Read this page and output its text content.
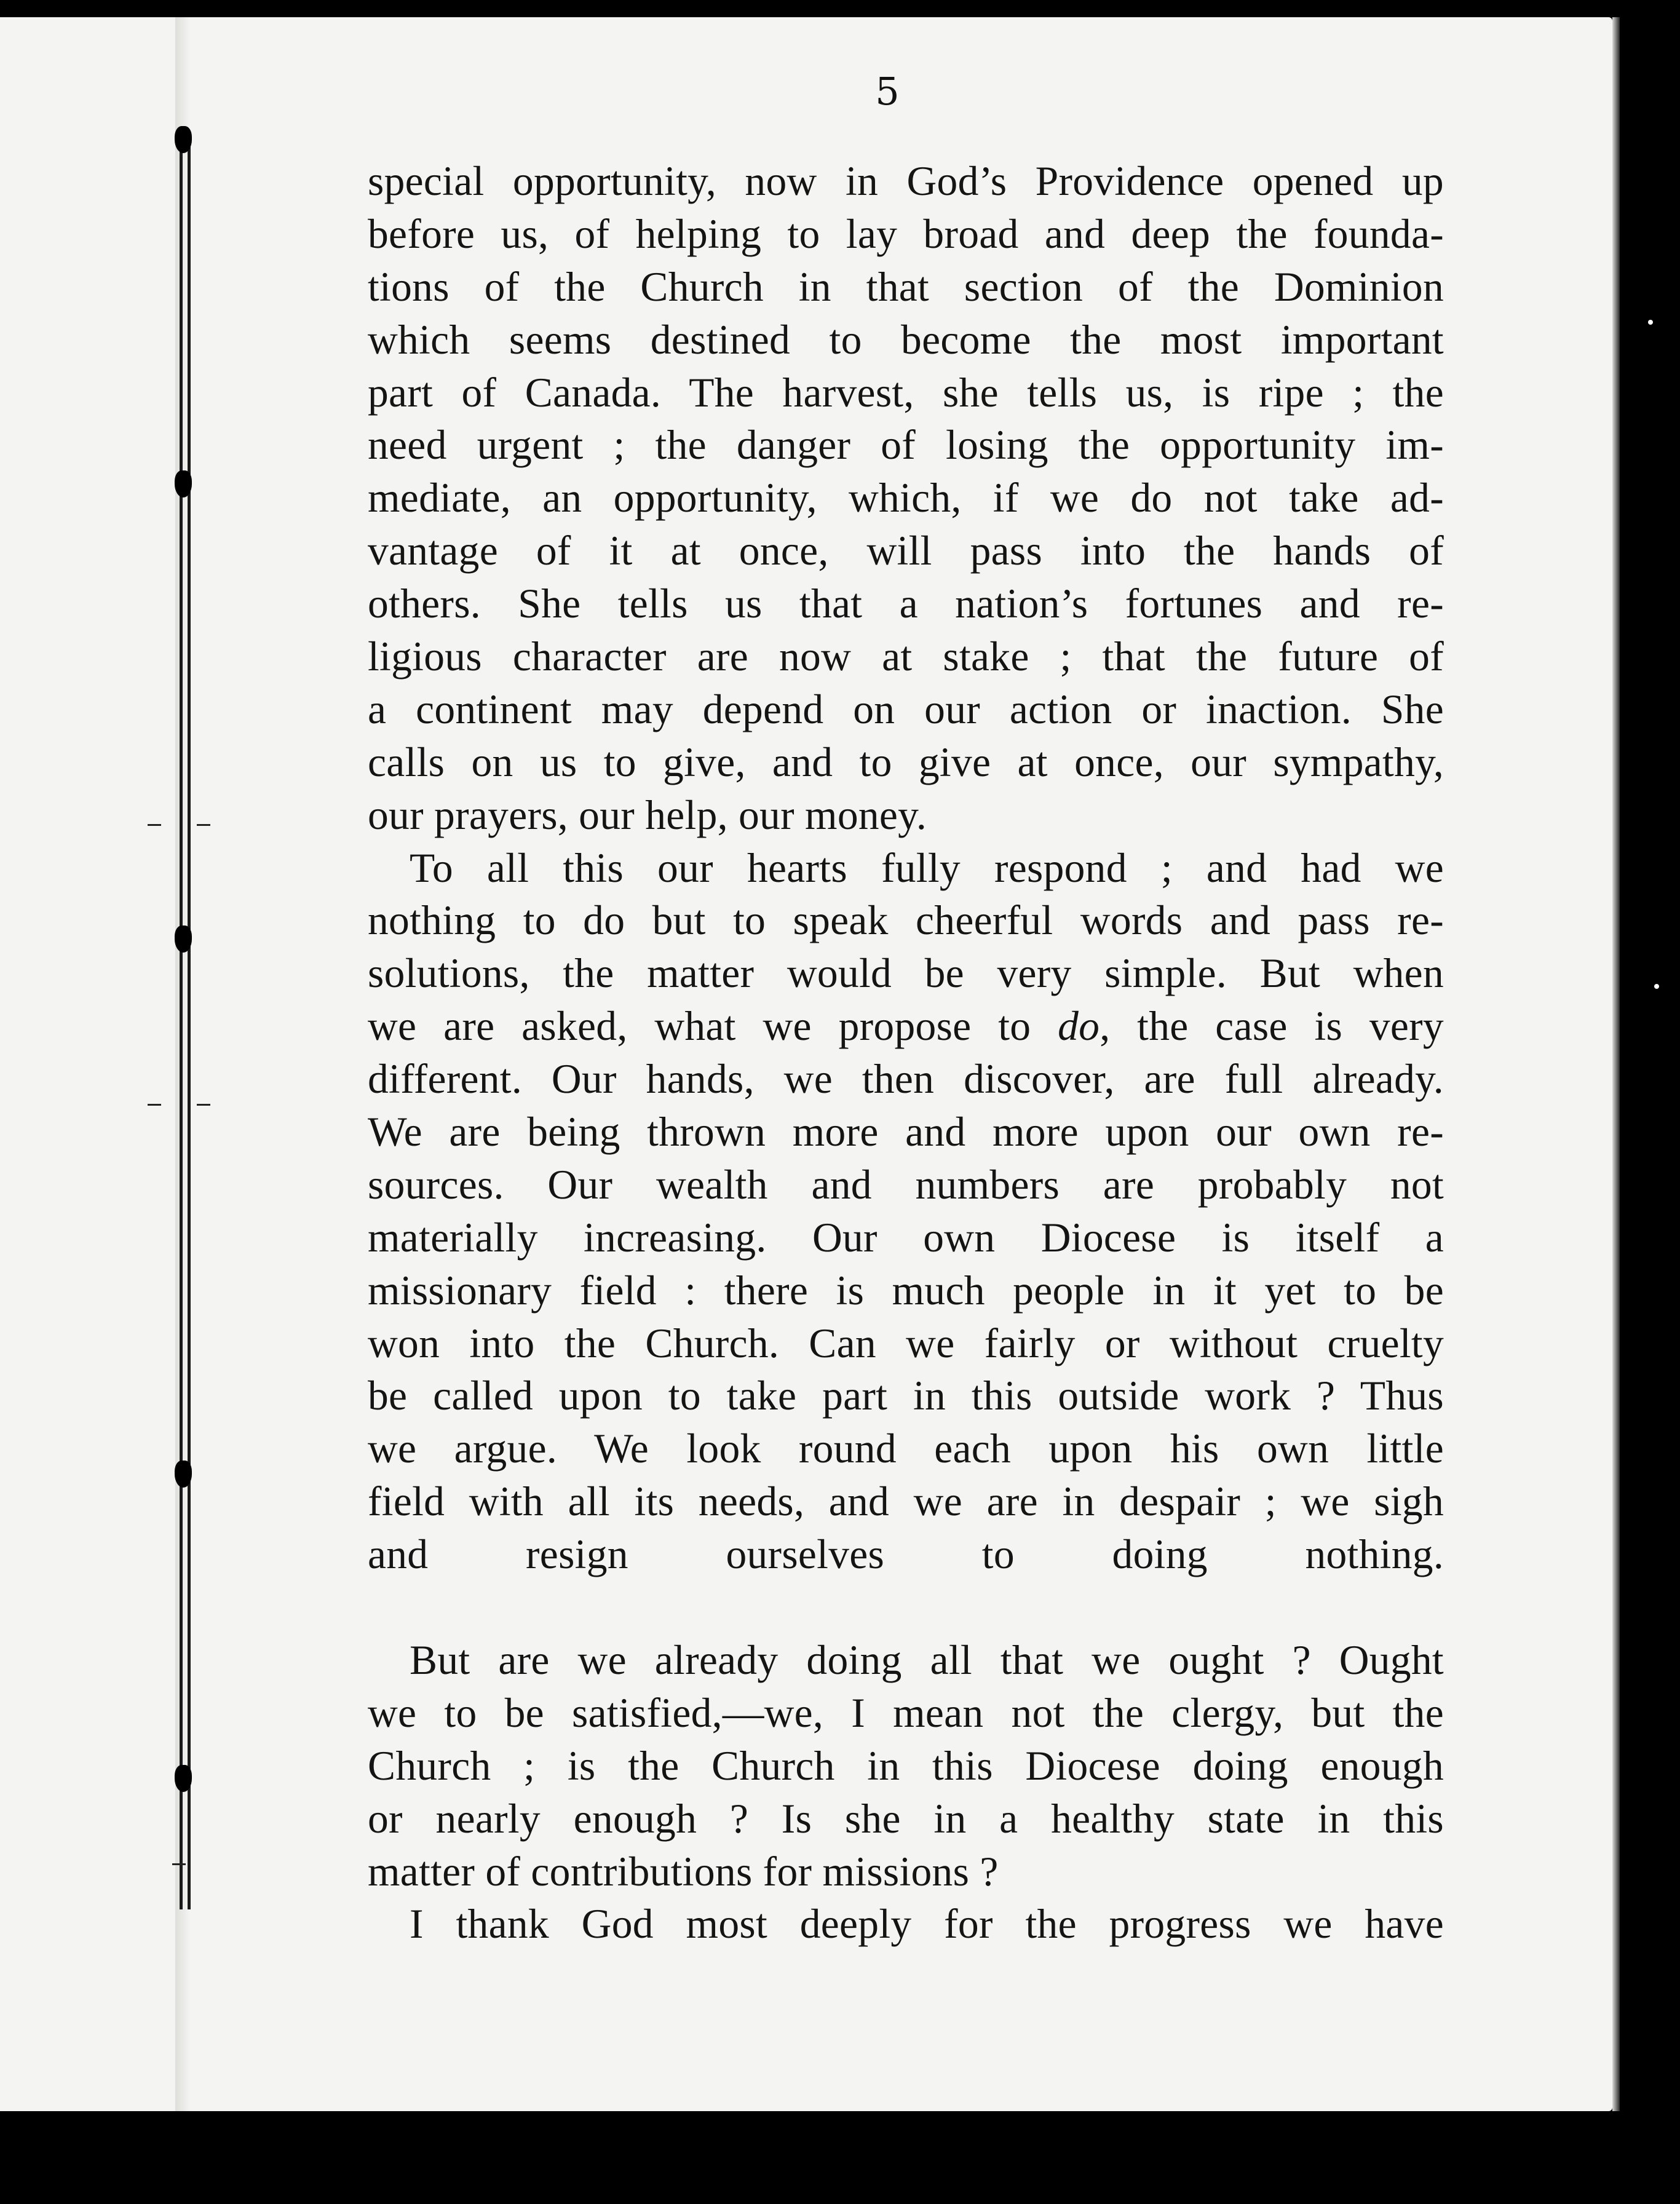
5

special opportunity, now in God’s Providence opened up
before us, of helping to lay broad and deep the founda-
tions of the Church in that section of the Dominion
which seems destined to become the most important
part of Canada. The harvest, she tells us, is ripe ; the
need urgent ; the danger of losing the opportunity im-
mediate, an opportunity, which, if we do not take ad-
vantage of it at once, will pass into the hands of
others. She tells us that a nation’s fortunes and re-
ligious character are now at stake ; that the future of
a continent may depend on our action or inaction. She
calls on us to give, and to give at once, our sympathy,
our prayers, our help, our money.

To all this our hearts fully respond ; and had we
nothing to do but to speak cheerful words and pass re-
solutions, the matter would be very simple. But when
we are asked, what we propose to do, the case is very
different. Our hands, we then discover, are full already.
We are being thrown more and more upon our own re-
sources. Our wealth and numbers are probably not
materially increasing. Our own Diocese is itself a
missionary field : there is much people in it yet to be
won into the Church. Can we fairly or without cruelty
be called upon to take part in this outside work ? Thus
we argue. We look round each upon his own little
field with all its needs, and we are in despair ; we sigh
and resign ourselves to doing nothing.

But are we already doing all that we ought ? Ought
we to be satisfied,—we, I mean not the clergy, but the
Church ; is the Church in this Diocese doing enough
or nearly enough ? Is she in a healthy state in this
matter of contributions for missions ?

I thank God most deeply for the progress we have
